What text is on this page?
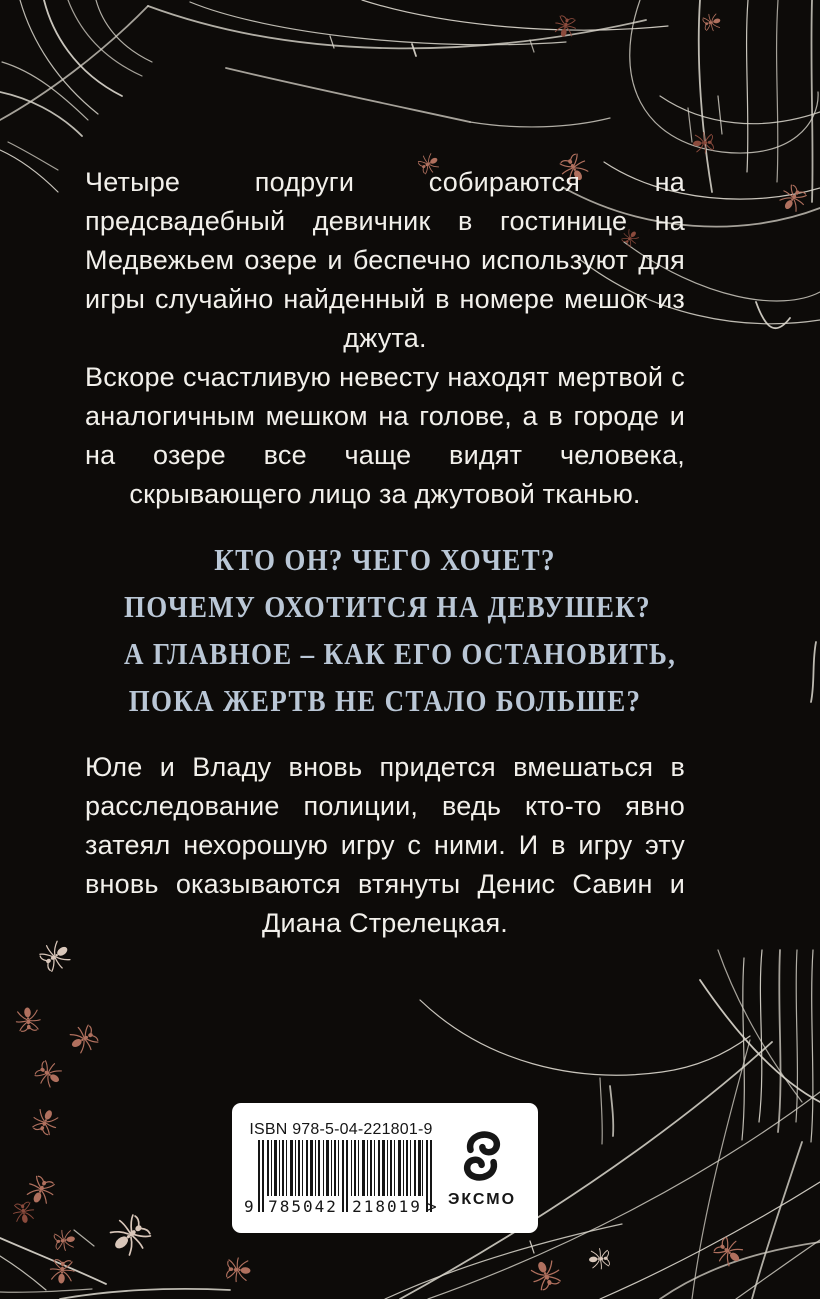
Четыре подруги собираются на предсвадебный девичник в гостинице на Медвежьем озере и беспечно используют для игры случайно найденный в номере мешок из джута.

Вскоре счастливую невесту находят мертвой с аналогичным мешком на голове, а в городе и на озере все чаще видят человека, скрывающего лицо за джутовой тканью.

КТО ОН? ЧЕГО ХОЧЕТ?
ПОЧЕМУ ОХОТИТСЯ НА ДЕВУШЕК?
А ГЛАВНОЕ – КАК ЕГО ОСТАНОВИТЬ,
ПОКА ЖЕРТВ НЕ СТАЛО БОЛЬШЕ?

Юле и Владу вновь придется вмешаться в расследование полиции, ведь кто-то явно затеял нехорошую игру с ними. И в игру эту вновь оказываются втянуты Денис Савин и Диана Стрелецкая.

ISBN 978-5-04-221801-9
9 785042 218019 > ЭКСМО
